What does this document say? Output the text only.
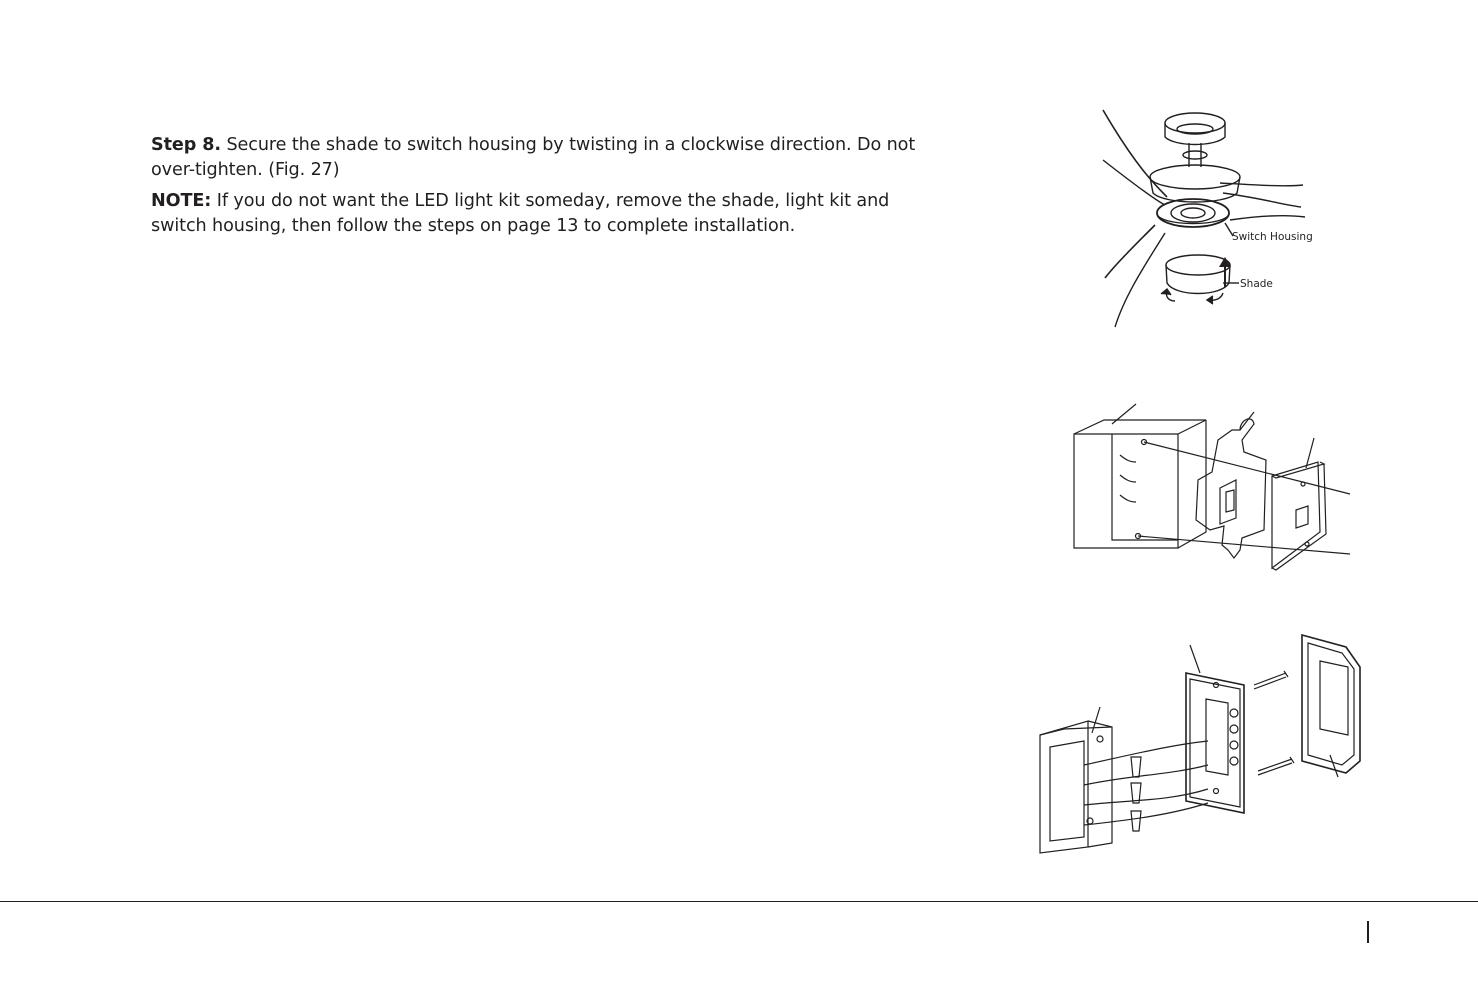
Step 8. Secure the shade to switch housing by twisting in a clockwise direction. Do not over-tighten. (Fig. 27)

NOTE: If you do not want the LED light kit someday, remove the shade, light kit and switch housing, then follow the steps on page 13 to complete installation.

Switch Housing
Shade
